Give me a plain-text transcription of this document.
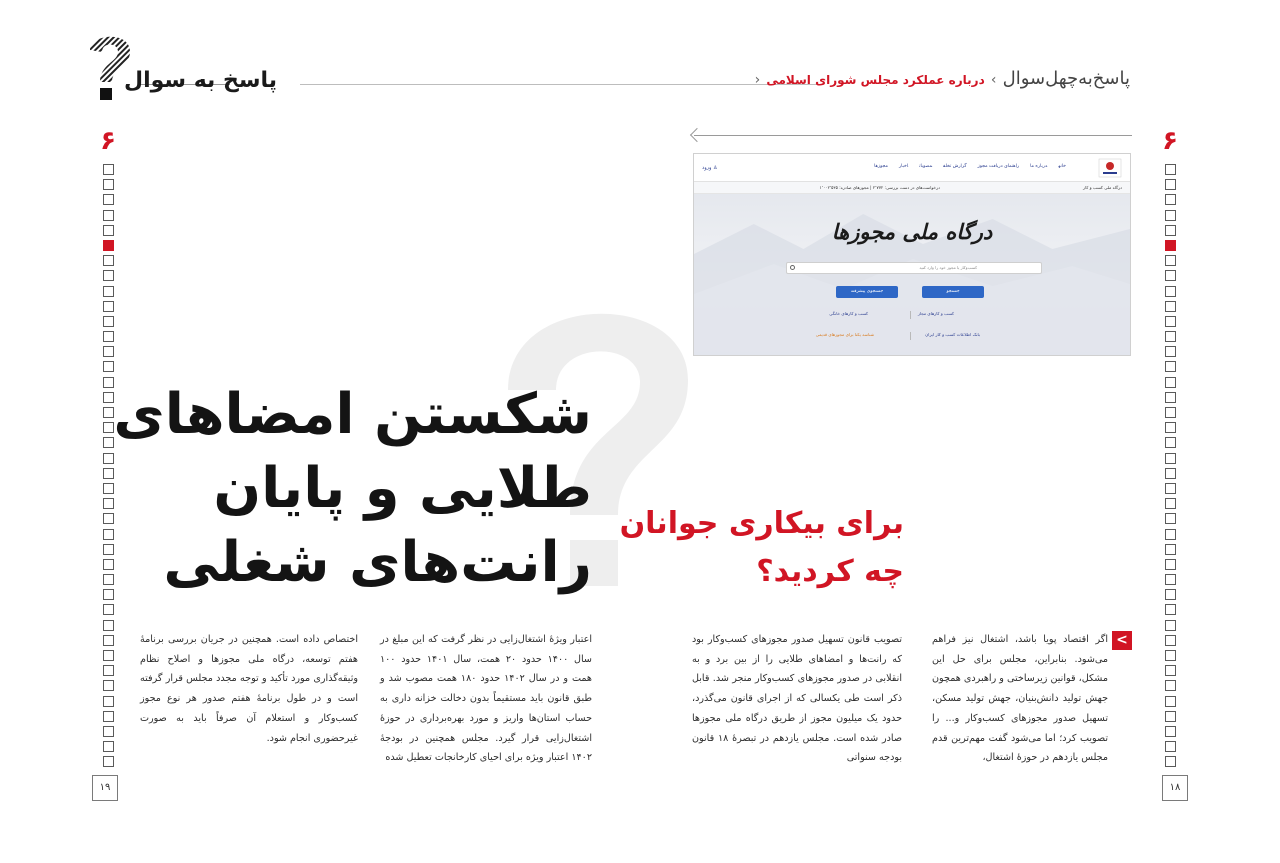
پاسخ به سوال	پاسخ‌به‌چهل‌سوال › درباره عملکرد مجلس شورای اسلامی ‹
۶	۶
خانهدرباره ماراهنمای دریافت مجوزگزارش تخلفمصوباتاخبارمجوزها
ورود ♙
درگاه ملی کسب و کار
درخواست‌های در دست بررسی: ۲٬۷۷۲ | مجوزهای صادره: ۱٬۰۰۲٬۵۳۵
درگاه ملی مجوزها
کسب‌وکار یا مجوز خود را وارد کنید
جستجو
جستجوی پیشرفته
کسب و کارهای مجاز
کسب و کارهای خانگی
بانک اطلاعات کسب و کار ایران
شناسه یکتا برای مجوزهای قدیمی
شکستن امضاهای
طلایی و پایان
رانت‌های شغلی
برای بیکاری جوانان
چه کردید؟
<

اگر اقتصاد پویا باشد، اشتغال نیز فراهم می‌شود. بنابراین، مجلس برای حل این مشکل، قوانین زیرساختی و راهبردی همچون جهش تولید دانش‌بنیان، جهش تولید مسکن، تسهیل صدور مجوزهای کسب‌وکار و... را تصویب کرد؛ اما می‌شود گفت مهم‌ترین قدم مجلس یازدهم در حوزهٔ اشتغال،

تصویب قانون تسهیل صدور مجوزهای کسب‌وکار بود که رانت‌ها و امضاهای طلایی را از بین برد و به انقلابی در صدور مجوزهای کسب‌وکار منجر شد. قابل ذکر است طی یکسالی که از اجرای قانون می‌گذرد، حدود یک میلیون مجوز از طریق درگاه ملی مجوزها صادر شده است. مجلس یازدهم در تبصرهٔ ۱۸ قانون بودجه سنواتی

اعتبار ویژهٔ اشتغال‌زایی در نظر گرفت که این مبلغ در سال ۱۴۰۰ حدود ۲۰ همت، سال ۱۴۰۱ حدود ۱۰۰ همت و در سال ۱۴۰۲ حدود ۱۸۰ همت مصوب شد و طبق قانون باید مستقیماً بدون دخالت خزانه داری به حساب استان‌ها واریز و مورد بهره‌برداری در حوزهٔ اشتغال‌زایی قرار گیرد. مجلس همچنین در بودجهٔ ۱۴۰۲ اعتبار ویژه برای احیای کارخانجات تعطیل شده

اختصاص داده است. همچنین در جریان بررسی برنامهٔ هفتم توسعه، درگاه ملی مجوزها و اصلاح نظام وثیقه‌گذاری مورد تأکید و توجه مجدد مجلس قرار گرفته است و در طول برنامهٔ هفتم صدور هر نوع مجوز کسب‌وکار و استعلام آن صرفاً باید به صورت غیرحضوری انجام شود.

۱۹	۱۸
